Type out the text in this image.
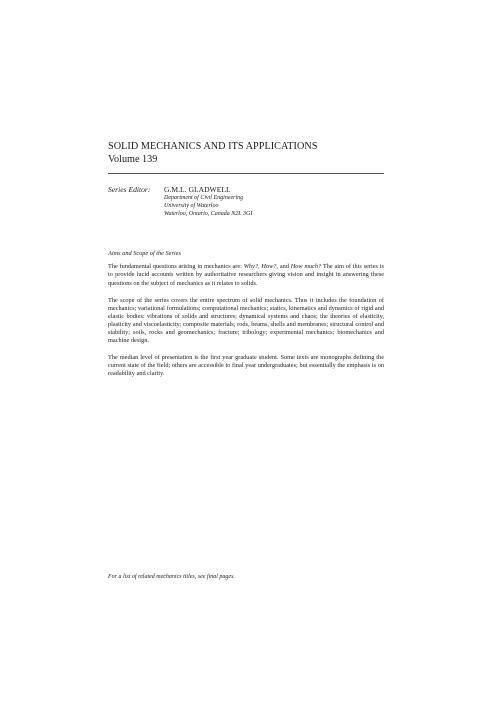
SOLID MECHANICS AND ITS APPLICATIONS

Volume 139

Series Editor:	G.M.L. GLADWELL
Department of Civil Engineering
University of Waterloo
Waterloo, Ontario, Canada N2L 3GI
Aims and Scope of the Series

The fundamental questions arising in mechanics are: Why?, How?, and How much? The aim of this series is to provide lucid accounts written by authoritative researchers giving vision and insight in answering these questions on the subject of mechanics as it relates to solids.

The scope of the series covers the entire spectrum of solid mechanics. Thus it includes the foundation of mechanics; variational formulations; computational mechanics; statics, kinematics and dynamics of rigid and elastic bodies: vibrations of solids and structures; dynamical systems and chaos; the theories of elasticity, plasticity and viscoelasticity; composite materials; rods, beams, shells and membranes; structural control and stability; soils, rocks and geomechanics; fracture; tribology; experimental mechanics; biomechanics and machine design.

The median level of presentation is the first year graduate student. Some texts are monographs defining the current state of the field; others are accessible to final year undergraduates; but essentially the emphasis is on readability and clarity.

For a list of related mechanics titles, see final pages.
